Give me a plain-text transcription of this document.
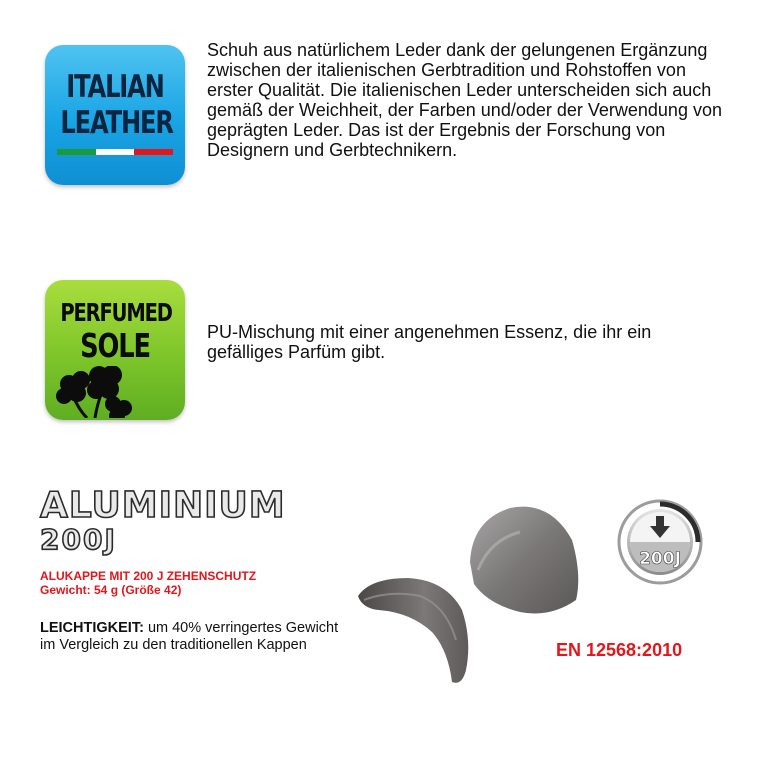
ITALIAN
LEATHER

Schuh aus natürlichem Leder dank der gelungenen Ergänzung zwischen der italienischen Gerbtradition und Rohstoffen von erster Qualität. Die italienischen Leder unterscheiden sich auch gemäß der Weichheit, der Farben und/oder der Verwendung von geprägten Leder. Das ist der Ergebnis der Forschung von Designern und Gerbtechnikern.

PERFUMED
SOLE	PU-Mischung mit einer angenehmen Essenz, die ihr ein gefälliges Parfüm gibt.

ALUMINIUM
200J

ALUKAPPE MIT 200 J ZEHENSCHUTZ

Gewicht: 54 g (Größe 42)

LEICHTIGKEIT: um 40% verringertes Gewicht im Vergleich zu den traditionellen Kappen

200J
EN 12568:2010
